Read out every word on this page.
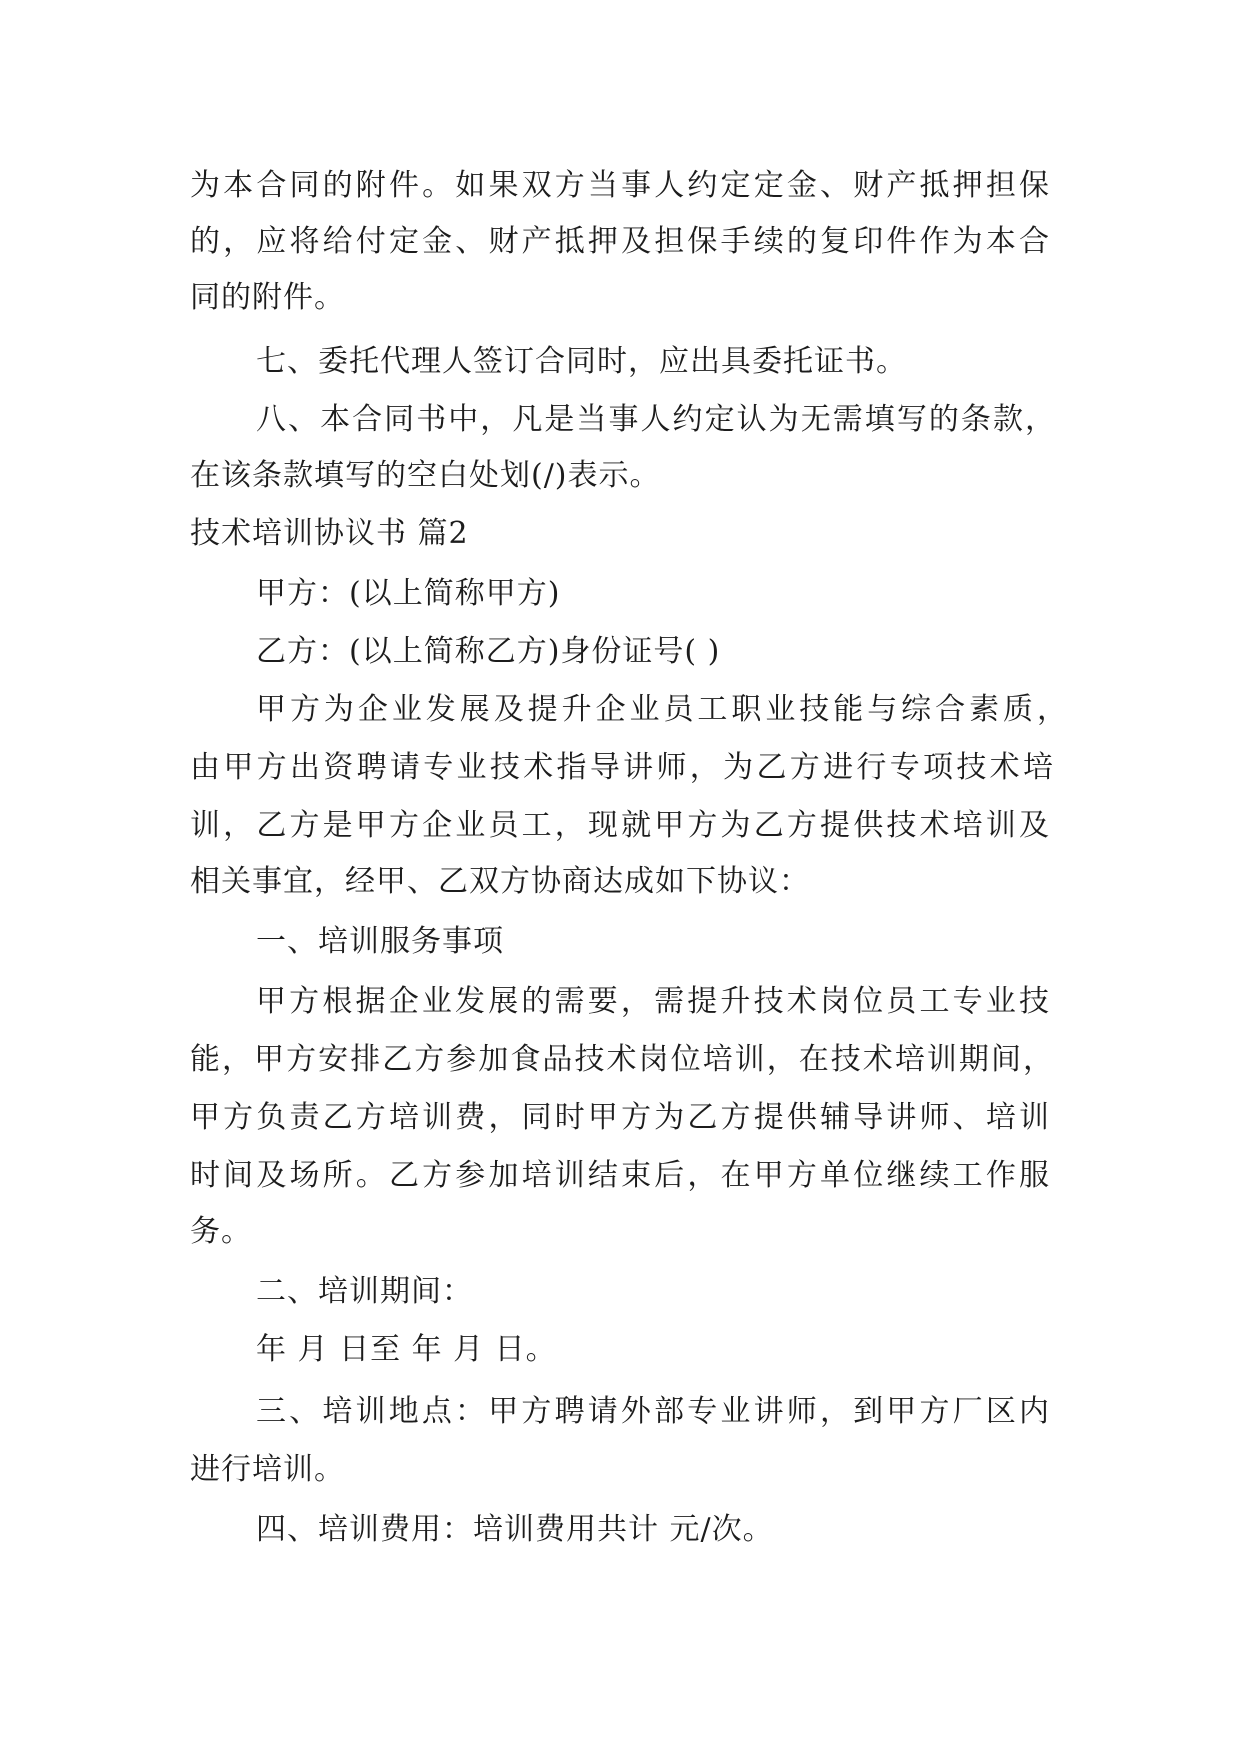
为本合同的附件。如果双方当事人约定定金、财产抵押担保
的，应将给付定金、财产抵押及担保手续的复印件作为本合
同的附件。
七、委托代理人签订合同时，应出具委托证书。
八、本合同书中，凡是当事人约定认为无需填写的条款，
在该条款填写的空白处划(/)表示。
技术培训协议书 篇2
甲方：(以上简称甲方)
乙方：(以上简称乙方)身份证号( )
甲方为企业发展及提升企业员工职业技能与综合素质，
由甲方出资聘请专业技术指导讲师，为乙方进行专项技术培
训，乙方是甲方企业员工，现就甲方为乙方提供技术培训及
相关事宜，经甲、乙双方协商达成如下协议：
一、培训服务事项
甲方根据企业发展的需要，需提升技术岗位员工专业技
能，甲方安排乙方参加食品技术岗位培训，在技术培训期间，
甲方负责乙方培训费，同时甲方为乙方提供辅导讲师、培训
时间及场所。乙方参加培训结束后，在甲方单位继续工作服
务。
二、培训期间：
年 月 日至 年 月 日。
三、培训地点：甲方聘请外部专业讲师，到甲方厂区内
进行培训。
四、培训费用：培训费用共计 元/次。
